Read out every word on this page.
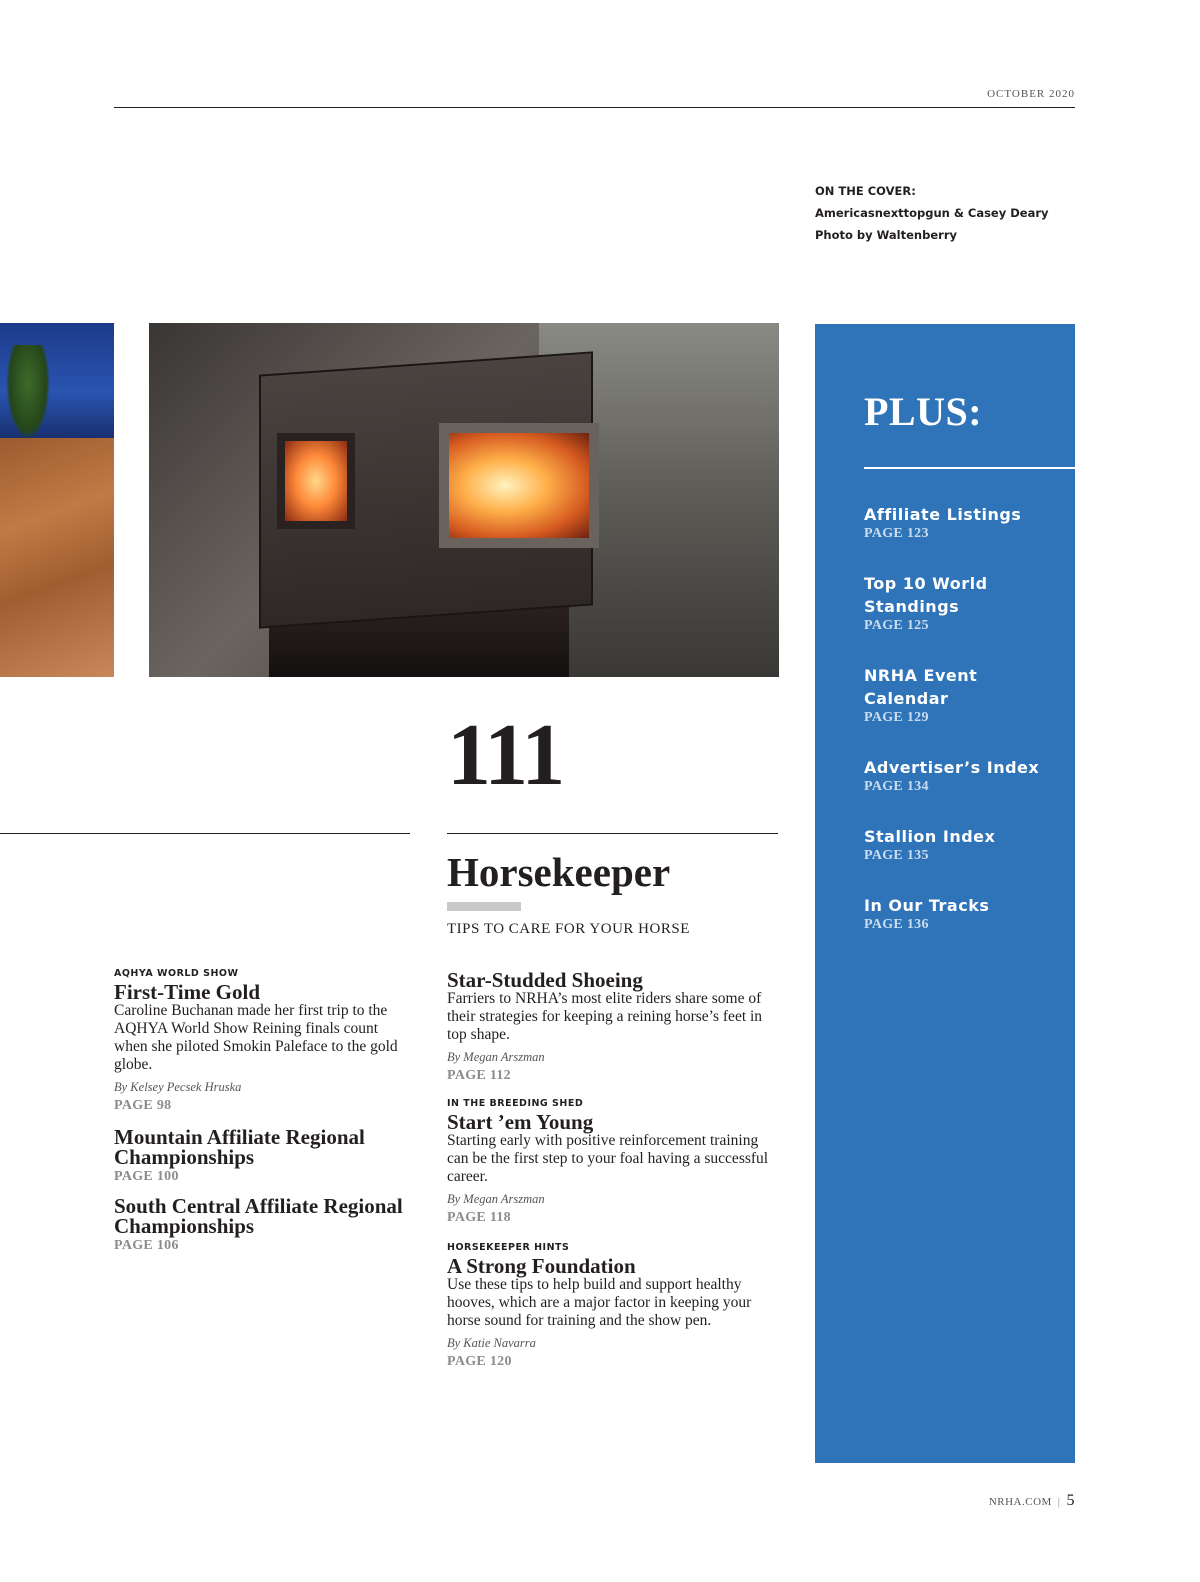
OCTOBER 2020
ON THE COVER:
Americasnexttopgun & Casey Deary
Photo by Waltenberry
111
Horsekeeper
TIPS TO CARE FOR YOUR HORSE
AQHYA WORLD SHOW
First-Time Gold
Caroline Buchanan made her first trip to the AQHYA World Show Reining finals count when she piloted Smokin Paleface to the gold globe.
By Kelsey Pecsek Hruska
PAGE 98
Mountain Affiliate Regional Championships
PAGE 100
South Central Affiliate Regional Championships
PAGE 106
Star-Studded Shoeing
Farriers to NRHA’s most elite riders share some of their strategies for keeping a reining horse’s feet in top shape.
By Megan Arszman
PAGE 112
IN THE BREEDING SHED
Start ’em Young
Starting early with positive reinforcement training can be the first step to your foal having a successful career.
By Megan Arszman
PAGE 118
HORSEKEEPER HINTS
A Strong Foundation
Use these tips to help build and support healthy hooves, which are a major factor in keeping your horse sound for training and the show pen.
By Katie Navarra
PAGE 120
PLUS:
Affiliate Listings
PAGE 123
Top 10 World Standings
PAGE 125
NRHA Event Calendar
PAGE 129
Advertiser’s Index
PAGE 134
Stallion Index
PAGE 135
In Our Tracks
PAGE 136
NRHA.COM | 5
